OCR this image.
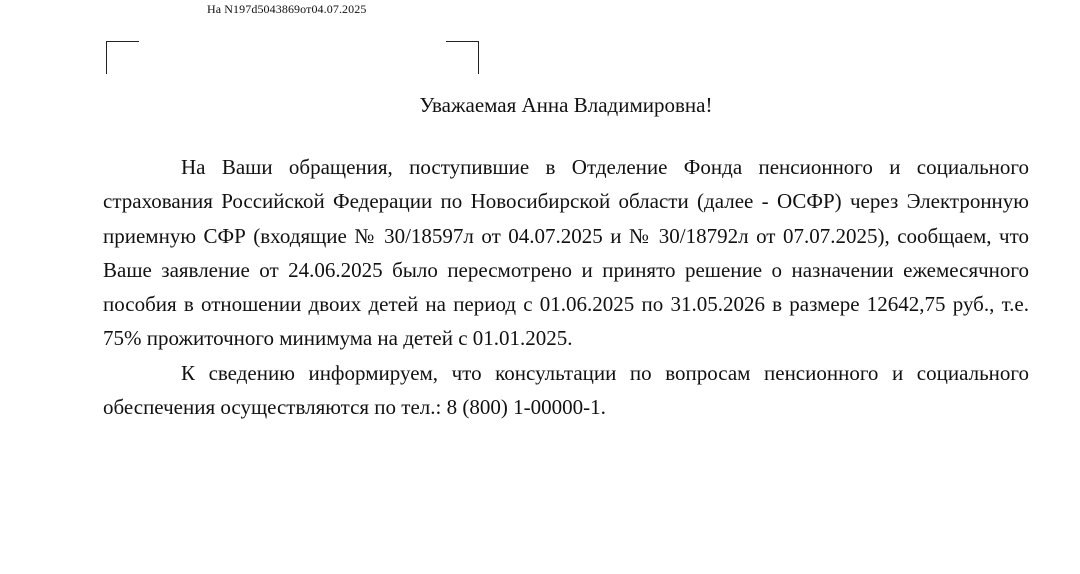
На N197d5043869от04.07.2025
Уважаемая Анна Владимировна!

На Ваши обращения, поступившие в Отделение Фонда пенсионного и социального страхования Российской Федерации по Новосибирской области (далее - ОСФР) через Электронную приемную СФР (входящие № 30/18597л от 04.07.2025 и № 30/18792л от 07.07.2025), сообщаем, что Ваше заявление от 24.06.2025 было пересмотрено и принято решение о назначении ежемесячного пособия в отношении двоих детей на период с 01.06.2025 по 31.05.2026 в размере 12642,75 руб., т.е. 75% прожиточного минимума на детей с 01.01.2025.

К сведению информируем, что консультации по вопросам пенсионного и социального обеспечения осуществляются по тел.: 8 (800) 1-00000-1.
